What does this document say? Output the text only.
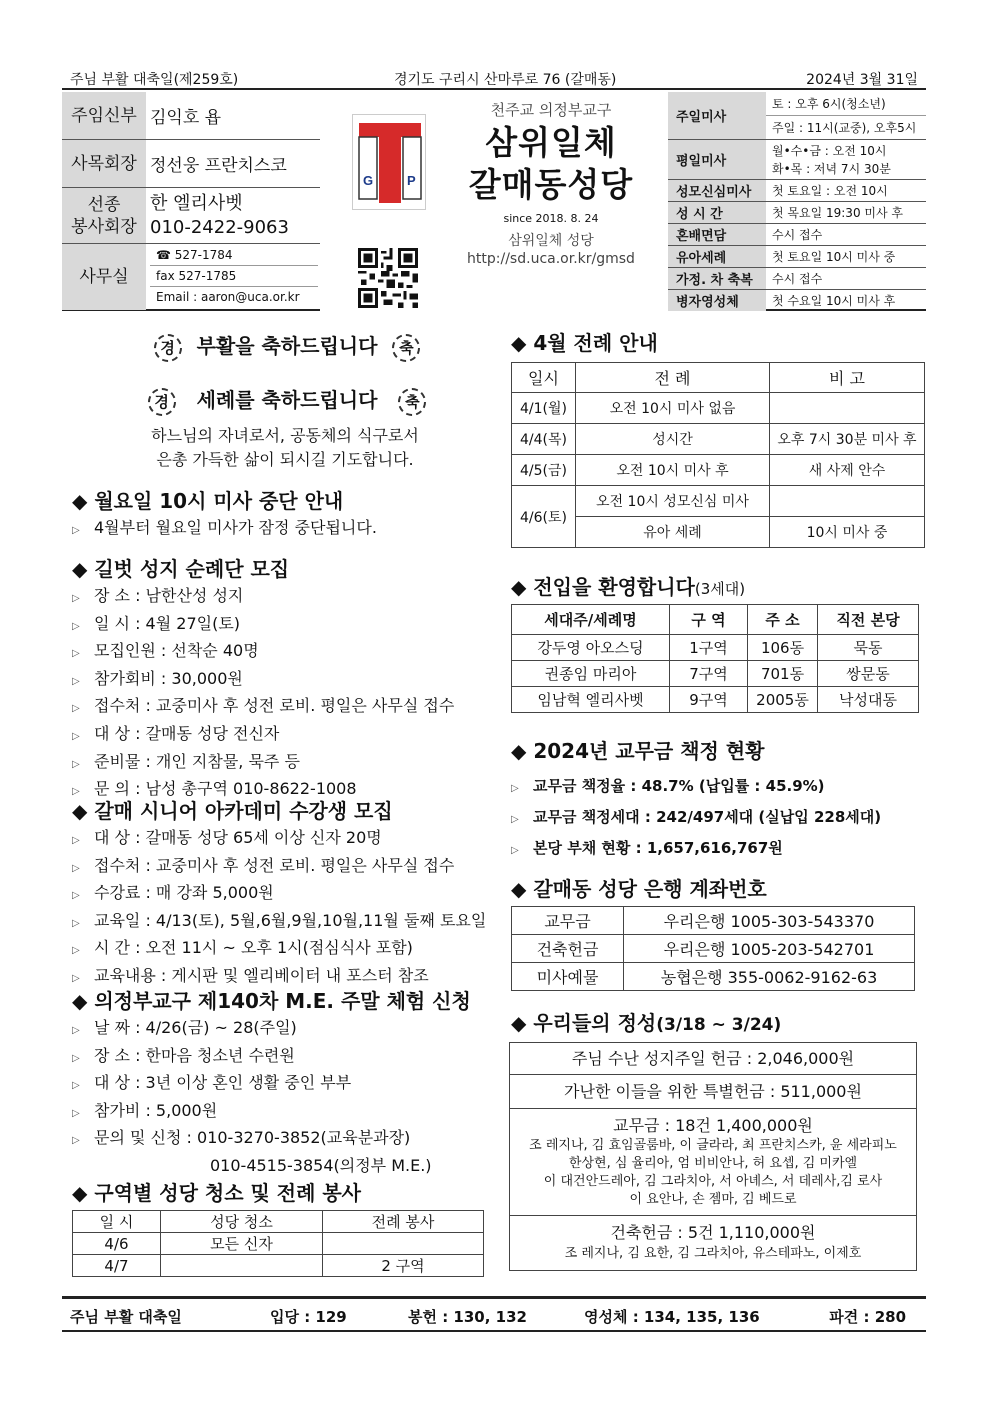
주님 부활 대축일(제259호)	경기도 구리시 산마루로 76 (갈매동)	2024년 3월 31일
주임신부 김익호 욥
사목회장 정선웅 프란치스코
선종
봉사회장
한 엘리사벳
010-2422-9063
사무실
☎ 527-1784
fax 527-1785
Email : aaron@uca.or.kr
G	P
천주교 의정부교구
삼위일체
갈매동성당
since 2018. 8. 24
삼위일체 성당
http://sd.uca.or.kr/gmsd
주일미사
토 : 오후 6시(청소년)
주일 : 11시(교중), 오후5시
평일미사
월•수•금 : 오전 10시
화•목 : 저녁 7시 30분
성모신심미사	첫 토요일 : 오전 10시
성 시 간	첫 목요일 19:30 미사 후
혼배면담	수시 접수
유아세례	첫 토요일 10시 미사 중
가정. 차 축복	수시 접수
병자영성체	첫 수요일 10시 미사 후
경 부활을 축하드립니다 축
경 세례를 축하드립니다 축
하느님의 자녀로서, 공동체의 식구로서
은총 가득한 삶이 되시길 기도합니다.
◆ 월요일 10시 미사 중단 안내
▷ 4월부터 월요일 미사가 잠정 중단됩니다.
◆ 길벗 성지 순례단 모집
▷ 장 소 : 남한산성 성지
▷ 일 시 : 4월 27일(토)
▷ 모집인원 : 선착순 40명
▷ 참가회비 : 30,000원
▷ 접수처 : 교중미사 후 성전 로비. 평일은 사무실 접수
▷ 대 상 : 갈매동 성당 전신자
▷ 준비물 : 개인 지참물, 묵주 등
▷ 문 의 : 남성 총구역 010-8622-1008
◆ 갈매 시니어 아카데미 수강생 모집
▷ 대 상 : 갈매동 성당 65세 이상 신자 20명
▷ 접수처 : 교중미사 후 성전 로비. 평일은 사무실 접수
▷ 수강료 : 매 강좌 5,000원
▷ 교육일 : 4/13(토), 5월,6월,9월,10월,11월 둘째 토요일
▷ 시 간 : 오전 11시 ~ 오후 1시(점심식사 포함)
▷ 교육내용 : 게시판 및 엘리베이터 내 포스터 참조
◆ 의정부교구 제140차 M.E. 주말 체험 신청
▷ 날 짜 : 4/26(금) ~ 28(주일)
▷ 장 소 : 한마음 청소년 수련원
▷ 대 상 : 3년 이상 혼인 생활 중인 부부
▷ 참가비 : 5,000원
▷ 문의 및 신청 : 010-3270-3852(교육분과장)
010-4515-3854(의정부 M.E.)
◆ 구역별 성당 청소 및 전례 봉사
일 시	성당 청소	전례 봉사
4/6	모든 신자	
4/7		2 구역
◆ 4월 전례 안내
일시	전 례	비 고
4/1(월)	오전 10시 미사 없음	
4/4(목)	성시간	오후 7시 30분 미사 후
4/5(금)	오전 10시 미사 후	새 사제 안수
4/6(토)	오전 10시 성모신심 미사	
	유아 세례	10시 미사 중
◆ 전입을 환영합니다(3세대)
세대주/세례명	구 역	주 소	직전 본당
강두영 아오스딩	1구역	106동	묵동
권종임 마리아	7구역	701동	쌍문동
임남혁 엘리사벳	9구역	2005동	낙성대동
◆ 2024년 교무금 책정 현황
▷ 교무금 책정율 : 48.7% (납입률 : 45.9%)
▷ 교무금 책정세대 : 242/497세대 (실납입 228세대)
▷ 본당 부채 현황 : 1,657,616,767원
◆ 갈매동 성당 은행 계좌번호
교무금	우리은행 1005-303-543370
건축헌금	우리은행 1005-203-542701
미사예물	농협은행 355-0062-9162-63
◆ 우리들의 정성(3/18 ~ 3/24)
주님 수난 성지주일 헌금 : 2,046,000원
가난한 이들을 위한 특별헌금 : 511,000원
교무금 : 18건 1,400,000원
조 레지나, 김 효임골룸바, 이 글라라, 최 프란치스카, 윤 세라피노
한상현, 심 율리아, 엄 비비안나, 허 요셉, 김 미카엘
이 대건안드레아, 김 그라치아, 서 아녜스, 서 데레사,김 로사
이 요안나, 손 젬마, 김 베드로
건축헌금 : 5건 1,110,000원
조 레지나, 김 요한, 김 그라치아, 유스테파노, 이제호
주님 부활 대축일	입당 : 129	봉헌 : 130, 132	영성체 : 134, 135, 136	파견 : 280
